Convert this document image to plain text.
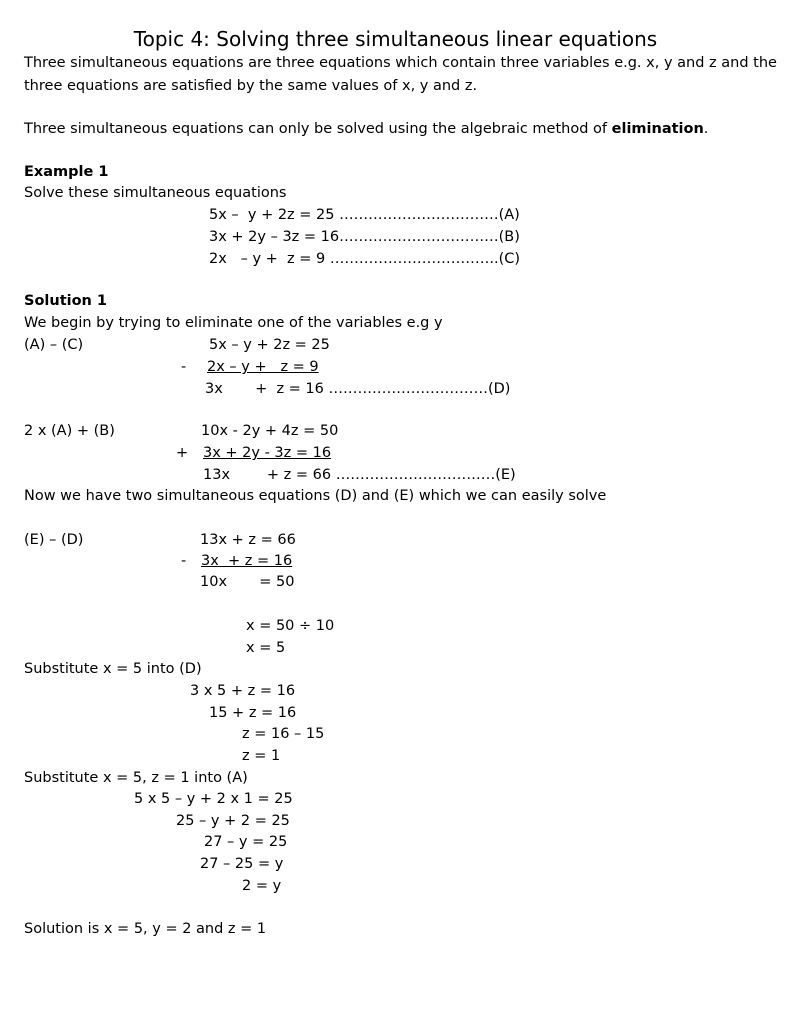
Topic 4: Solving three simultaneous linear equations
Three simultaneous equations are three equations which contain three variables e.g. x, y and z and the
three equations are satisfied by the same values of x, y and z.
Three simultaneous equations can only be solved using the algebraic method of elimination.
Example 1
Solve these simultaneous equations
5x –  y + 2z = 25 ……………………………(A)
3x + 2y – 3z = 16……………………………(B)
2x   – y +  z = 9 ……………………………..(C)
Solution 1
We begin by trying to eliminate one of the variables e.g y
(A) – (C)	5x – y + 2z = 25
- 2x – y +   z = 9
3x       +  z = 16 ……………………………(D)
2 x (A) + (B)	10x - 2y + 4z = 50
+ 3x + 2y - 3z = 16
13x        + z = 66 ……………………………(E)
Now we have two simultaneous equations (D) and (E) which we can easily solve
(E) – (D)	13x + z = 66
- 3x  + z = 16
10x       = 50
x = 50 ÷ 10
x = 5
Substitute x = 5 into (D)
3 x 5 + z = 16
15 + z = 16
z = 16 – 15
z = 1
Substitute x = 5, z = 1 into (A)
5 x 5 – y + 2 x 1 = 25
25 – y + 2 = 25
27 – y = 25
27 – 25 = y
2 = y
Solution is x = 5, y = 2 and z = 1
